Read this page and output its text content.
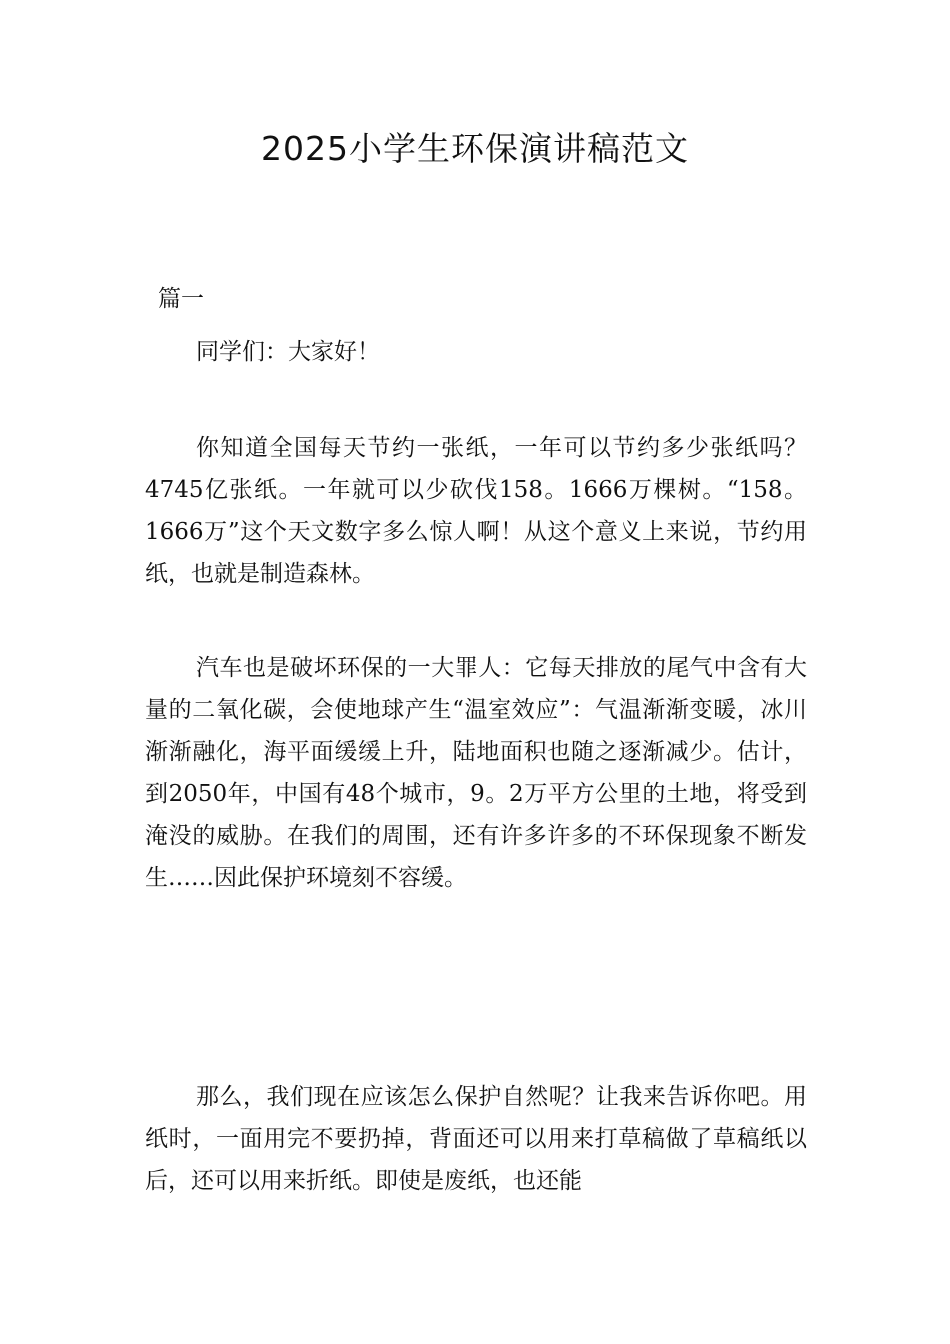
2025小学生环保演讲稿范文

篇一

同学们：大家好！

你知道全国每天节约一张纸，一年可以节约多少张纸吗？4745亿张纸。一年就可以少砍伐158。1666万棵树。“158。1666万”这个天文数字多么惊人啊！从这个意义上来说，节约用纸，也就是制造森林。

汽车也是破坏环保的一大罪人：它每天排放的尾气中含有大量的二氧化碳，会使地球产生“温室效应”：气温渐渐变暖，冰川渐渐融化，海平面缓缓上升，陆地面积也随之逐渐减少。估计，到2050年，中国有48个城市，9。2万平方公里的土地，将受到淹没的威胁。在我们的周围，还有许多许多的不环保现象不断发生……因此保护环境刻不容缓。

那么，我们现在应该怎么保护自然呢？让我来告诉你吧。用纸时，一面用完不要扔掉，背面还可以用来打草稿做了草稿纸以后，还可以用来折纸。即使是废纸，也还能
